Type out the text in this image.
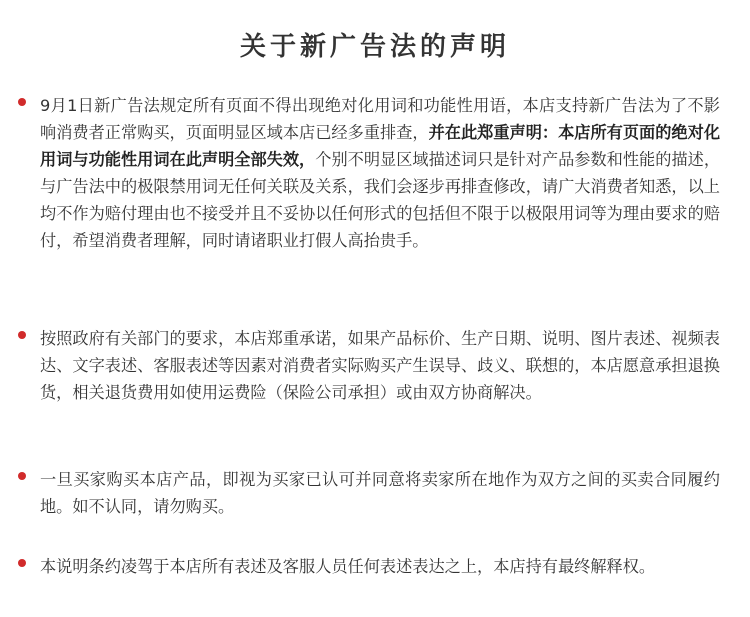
关于新广告法的声明

9月1日新广告法规定所有页面不得出现绝对化用词和功能性用语，本店支持新广告法为了不影响消费者正常购买，页面明显区域本店已经多重排查，并在此郑重声明：本店所有页面的绝对化用词与功能性用词在此声明全部失效，个别不明显区域描述词只是针对产品参数和性能的描述，与广告法中的极限禁用词无任何关联及关系，我们会逐步再排查修改，请广大消费者知悉，以上均不作为赔付理由也不接受并且不妥协以任何形式的包括但不限于以极限用词等为理由要求的赔付，希望消费者理解，同时请诸职业打假人高抬贵手。

按照政府有关部门的要求，本店郑重承诺，如果产品标价、生产日期、说明、图片表述、视频表达、文字表述、客服表述等因素对消费者实际购买产生误导、歧义、联想的，本店愿意承担退换货，相关退货费用如使用运费险（保险公司承担）或由双方协商解决。

一旦买家购买本店产品，即视为买家已认可并同意将卖家所在地作为双方之间的买卖合同履约地。如不认同，请勿购买。

本说明条约凌驾于本店所有表述及客服人员任何表述表达之上，本店持有最终解释权。
